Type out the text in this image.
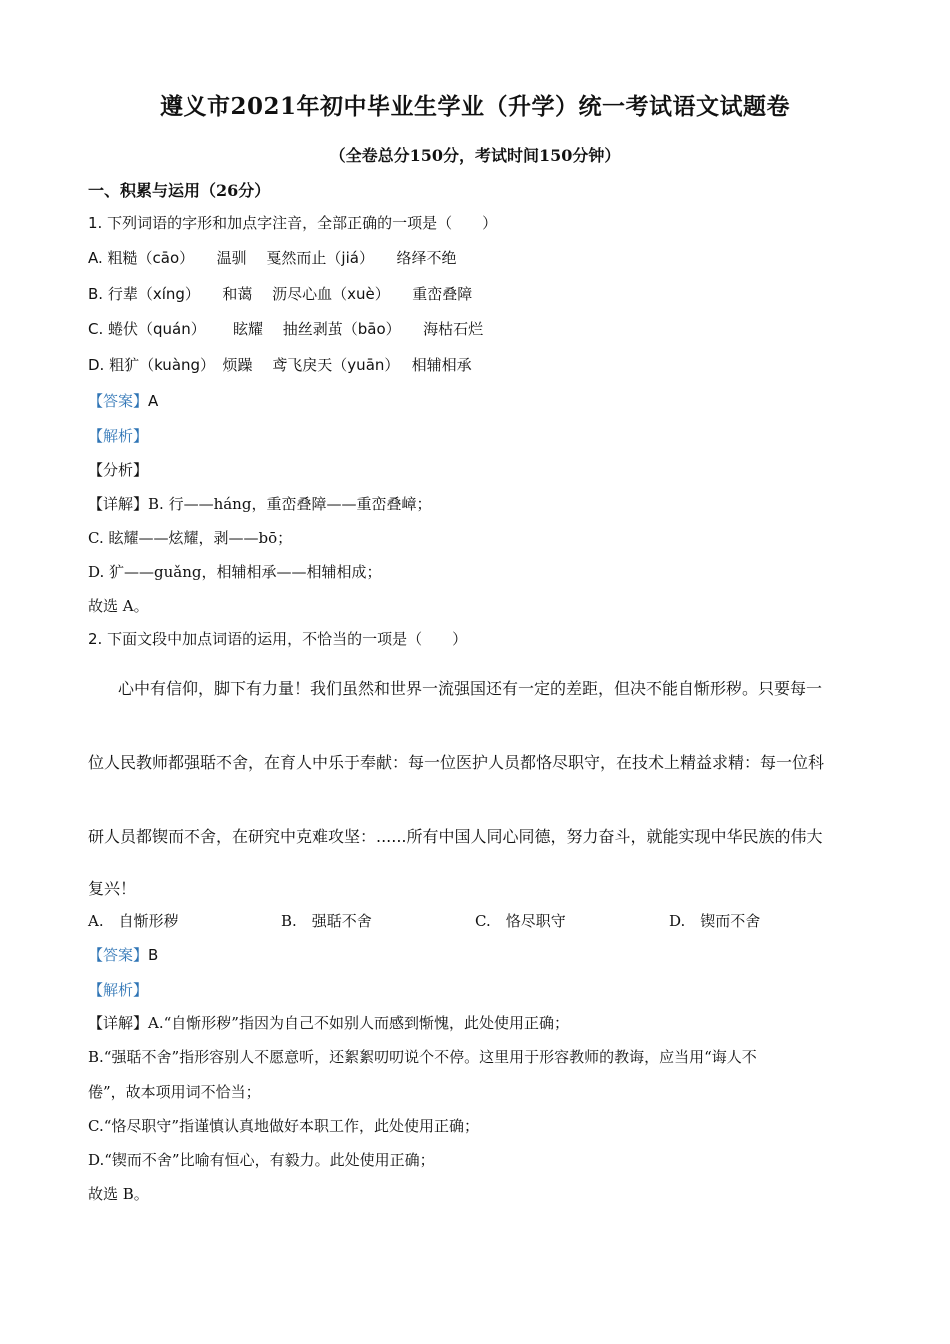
遵义市2021年初中毕业生学业（升学）统一考试语文试题卷
（全卷总分150分，考试时间150分钟）
一、积累与运用（26分）
1. 下列词语的字形和加点字注音，全部正确的一项是（　　）
A. 粗糙（cāo）　　温驯　 戛然而止（jiá）　　络绎不绝
B. 行辈（xíng）　　和蔼　 沥尽心血（xuè）　　重峦叠障
C. 蜷伏（quán）　　 眩耀　 抽丝剥茧（bāo）　　海枯石烂
D. 粗犷（kuàng）　烦躁　 鸢飞戾天（yuān）　 相辅相承
【答案】A
【解析】
【分析】
【详解】B. 行——háng，重峦叠障——重峦叠嶂；
C. 眩耀——炫耀，剥——bō；
D. 犷——guǎng，相辅相承——相辅相成；
故选 A。
2. 下面文段中加点词语的运用，不恰当的一项是（　　）
心中有信仰，脚下有力量！我们虽然和世界一流强国还有一定的差距，但决不能自惭形秽。只要每一
位人民教师都强聒不舍，在育人中乐于奉献：每一位医护人员都恪尽职守，在技术上精益求精：每一位科
研人员都锲而不舍，在研究中克难攻坚：......所有中国人同心同德，努力奋斗，就能实现中华民族的伟大
复兴！
A.　自惭形秽	B.　强聒不舍	C.　恪尽职守	D.　锲而不舍
【答案】B
【解析】
【详解】A.“自惭形秽”指因为自己不如别人而感到惭愧，此处使用正确；
B.“强聒不舍”指形容别人不愿意听，还絮絮叨叨说个不停。这里用于形容教师的教诲，应当用“诲人不
倦”，故本项用词不恰当；
C.“恪尽职守”指谨慎认真地做好本职工作，此处使用正确；
D.“锲而不舍”比喻有恒心，有毅力。此处使用正确；
故选 B。
